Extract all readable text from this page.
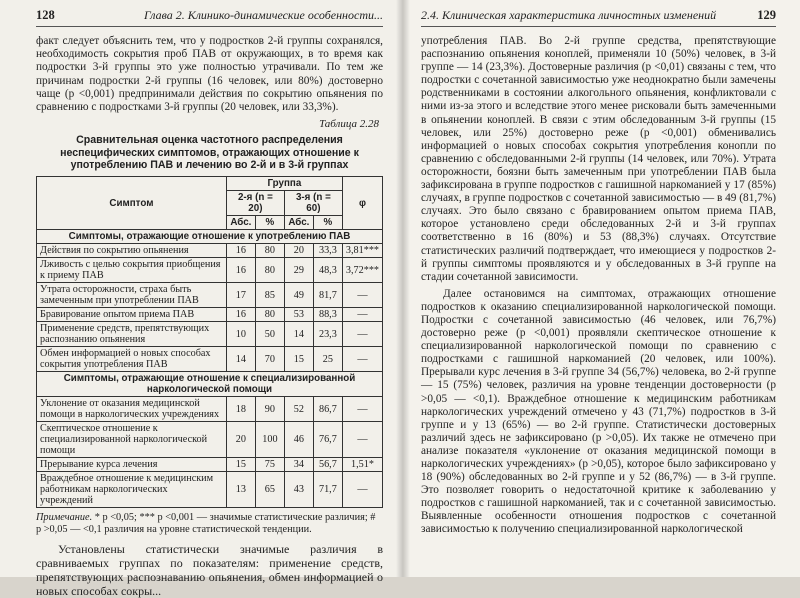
128	Глава 2. Клинико-динамические особенности...

факт следует объяснить тем, что у подростков 2-й группы сохранялся, необходимость сокрытия проб ПАВ от окружающих, в то время как подростки 3-й группы это уже полностью утрачивали. По тем же причинам подростки 2-й группы (16 человек, или 80%) достоверно чаще (p <0,001) предпринимали действия по сокрытию опьянения по сравнению с подростками 3-й группы (20 человек, или 33,3%).

Таблица 2.28
Сравнительная оценка частотного распределения неспецифических симптомов, отражающих отношение к употреблению ПАВ и лечению во 2-й и в 3-й группах
Симптом	Группа				φ
	2-я (n = 20)		3-я (n = 60)		
	Абс.	%	Абс.	%	
Симптомы, отражающие отношение к употреблению ПАВ					
Действия по сокрытию опьянения	16	80	20	33,3	3,81***
Лживость с целью сокрытия приобщения к приему ПАВ	16	80	29	48,3	3,72***
Утрата осторожности, страха быть замеченным при употреблении ПАВ	17	85	49	81,7	—
Бравирование опытом приема ПАВ	16	80	53	88,3	—
Применение средств, препятствующих распознанию опьянения	10	50	14	23,3	—
Обмен информацией о новых способах сокрытия употребления ПАВ	14	70	15	25	—
Симптомы, отражающие отношение к специализированной наркологической помощи					
Уклонение от оказания медицинской помощи в наркологических учреждениях	18	90	52	86,7	—
Скептическое отношение к специализированной наркологической помощи	20	100	46	76,7	—
Прерывание курса лечения	15	75	34	56,7	1,51*
Враждебное отношение к медицинским работникам наркологических учреждений	13	65	43	71,7	—

Примечание. * p <0,05; *** p <0,001 — значимые статистические различия; # p >0,05 — <0,1 различия на уровне статистической тенденции.

Установлены статистически значимые различия в сравниваемых группах по показателям: применение средств, препятствующих распознаванию опьянения, обмен информацией о новых способах сокры...

2.4. Клиническая характеристика личностных изменений	129

употребления ПАВ. Во 2-й группе средства, препятствующие распознанию опьянения коноплей, применяли 10 (50%) человек, в 3-й группе — 14 (23,3%). Достоверные различия (p <0,01) связаны с тем, что подростки с сочетанной зависимостью уже неоднократно были замечены родственниками в состоянии алкогольного опьянения, конфликтовали с ними из-за этого и вследствие этого менее рисковали быть замеченными в опьянении коноплей. В связи с этим обследованным 3-й группы (15 человек, или 25%) достоверно реже (p <0,001) обменивались информацией о новых способах сокрытия употребления конопли по сравнению с обследованными 2-й группы (14 человек, или 70%). Утрата осторожности, боязни быть замеченным при употреблении ПАВ была зафиксирована в группе подростков с гашишной наркоманией у 17 (85%) случаях, в группе подростков с сочетанной зависимостью — в 49 (81,7%) случаях. Это было связано с бравированием опытом приема ПАВ, которое установлено среди обследованных 2-й и 3-й группах соответственно в 16 (80%) и 53 (88,3%) случаях. Отсутствие статистических различий подтверждает, что имеющиеся у подростков 2-й группы симптомы проявляются и у обследованных в 3-й группе на стадии сочетанной зависимости.

Далее остановимся на симптомах, отражающих отношение подростков к оказанию специализированной наркологической помощи. Подростки с сочетанной зависимостью (46 человек, или 76,7%) достоверно реже (p <0,001) проявляли скептическое отношение к специализированной наркологической помощи по сравнению с подростками с гашишной наркоманией (20 человек, или 100%). Прерывали курс лечения в 3-й группе 34 (56,7%) человека, во 2-й группе — 15 (75%) человек, различия на уровне тенденции достоверности (p >0,05 — <0,1). Враждебное отношение к медицинским работникам наркологических учреждений отмечено у 43 (71,7%) подростков в 3-й группе и у 13 (65%) — во 2-й группе. Статистически достоверных различий здесь не зафиксировано (p >0,05). Их также не отмечено при анализе показателя «уклонение от оказания медицинской помощи в наркологических учреждениях» (p >0,05), которое было зафиксировано у 18 (90%) обследованных во 2-й группе и у 52 (86,7%) — в 3-й группе. Это позволяет говорить о недостаточной критике к заболеванию у подростков с гашишной наркоманией, так и с сочетанной зависимостью. Выявленные особенности отношения подростков с сочетанной зависимостью к получению специализированной наркологической
